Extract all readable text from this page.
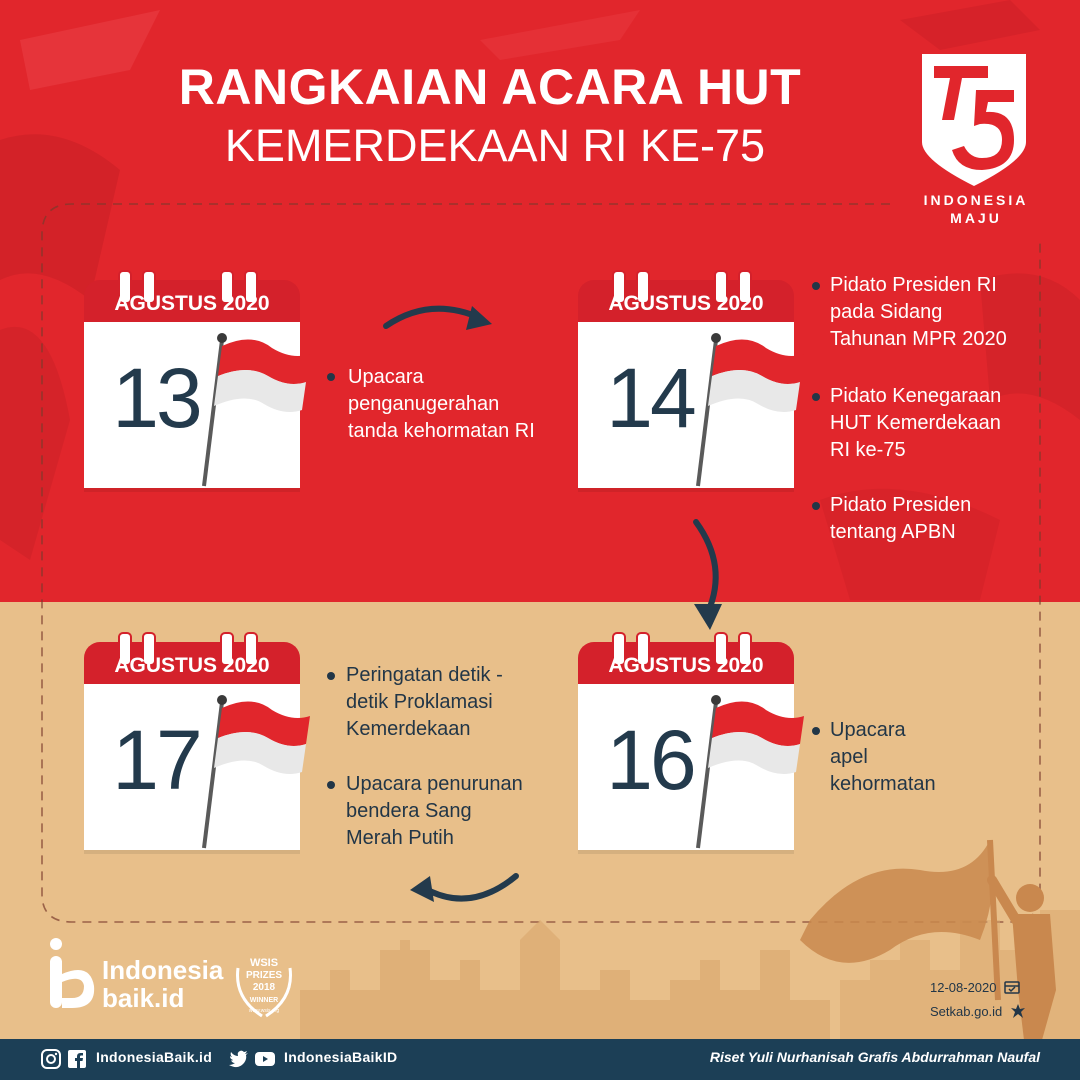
RANGKAIAN ACARA HUT
KEMERDEKAAN RI KE-75
INDONESIA
MAJU
AGUSTUS 2020
13
AGUSTUS 2020
14
AGUSTUS 2020
17
AGUSTUS 2020
16
Upacara
penganugerahan
tanda kehormatan RI
Pidato Presiden RI
pada Sidang
Tahunan MPR 2020
Pidato Kenegaraan
HUT Kemerdekaan
RI ke-75
Pidato Presiden
tentang APBN
Peringatan detik -
detik Proklamasi
Kemerdekaan
Upacara penurunan
bendera Sang
Merah Putih
Upacara
apel
kehormatan
Indonesia
baik.id
WSIS
PRIZES
2018
WINNER
www.wsis.org
12-08-2020
Setkab.go.id
IndonesiaBaik.id	IndonesiaBaikID	Riset Yuli Nurhanisah Grafis Abdurrahman Naufal
